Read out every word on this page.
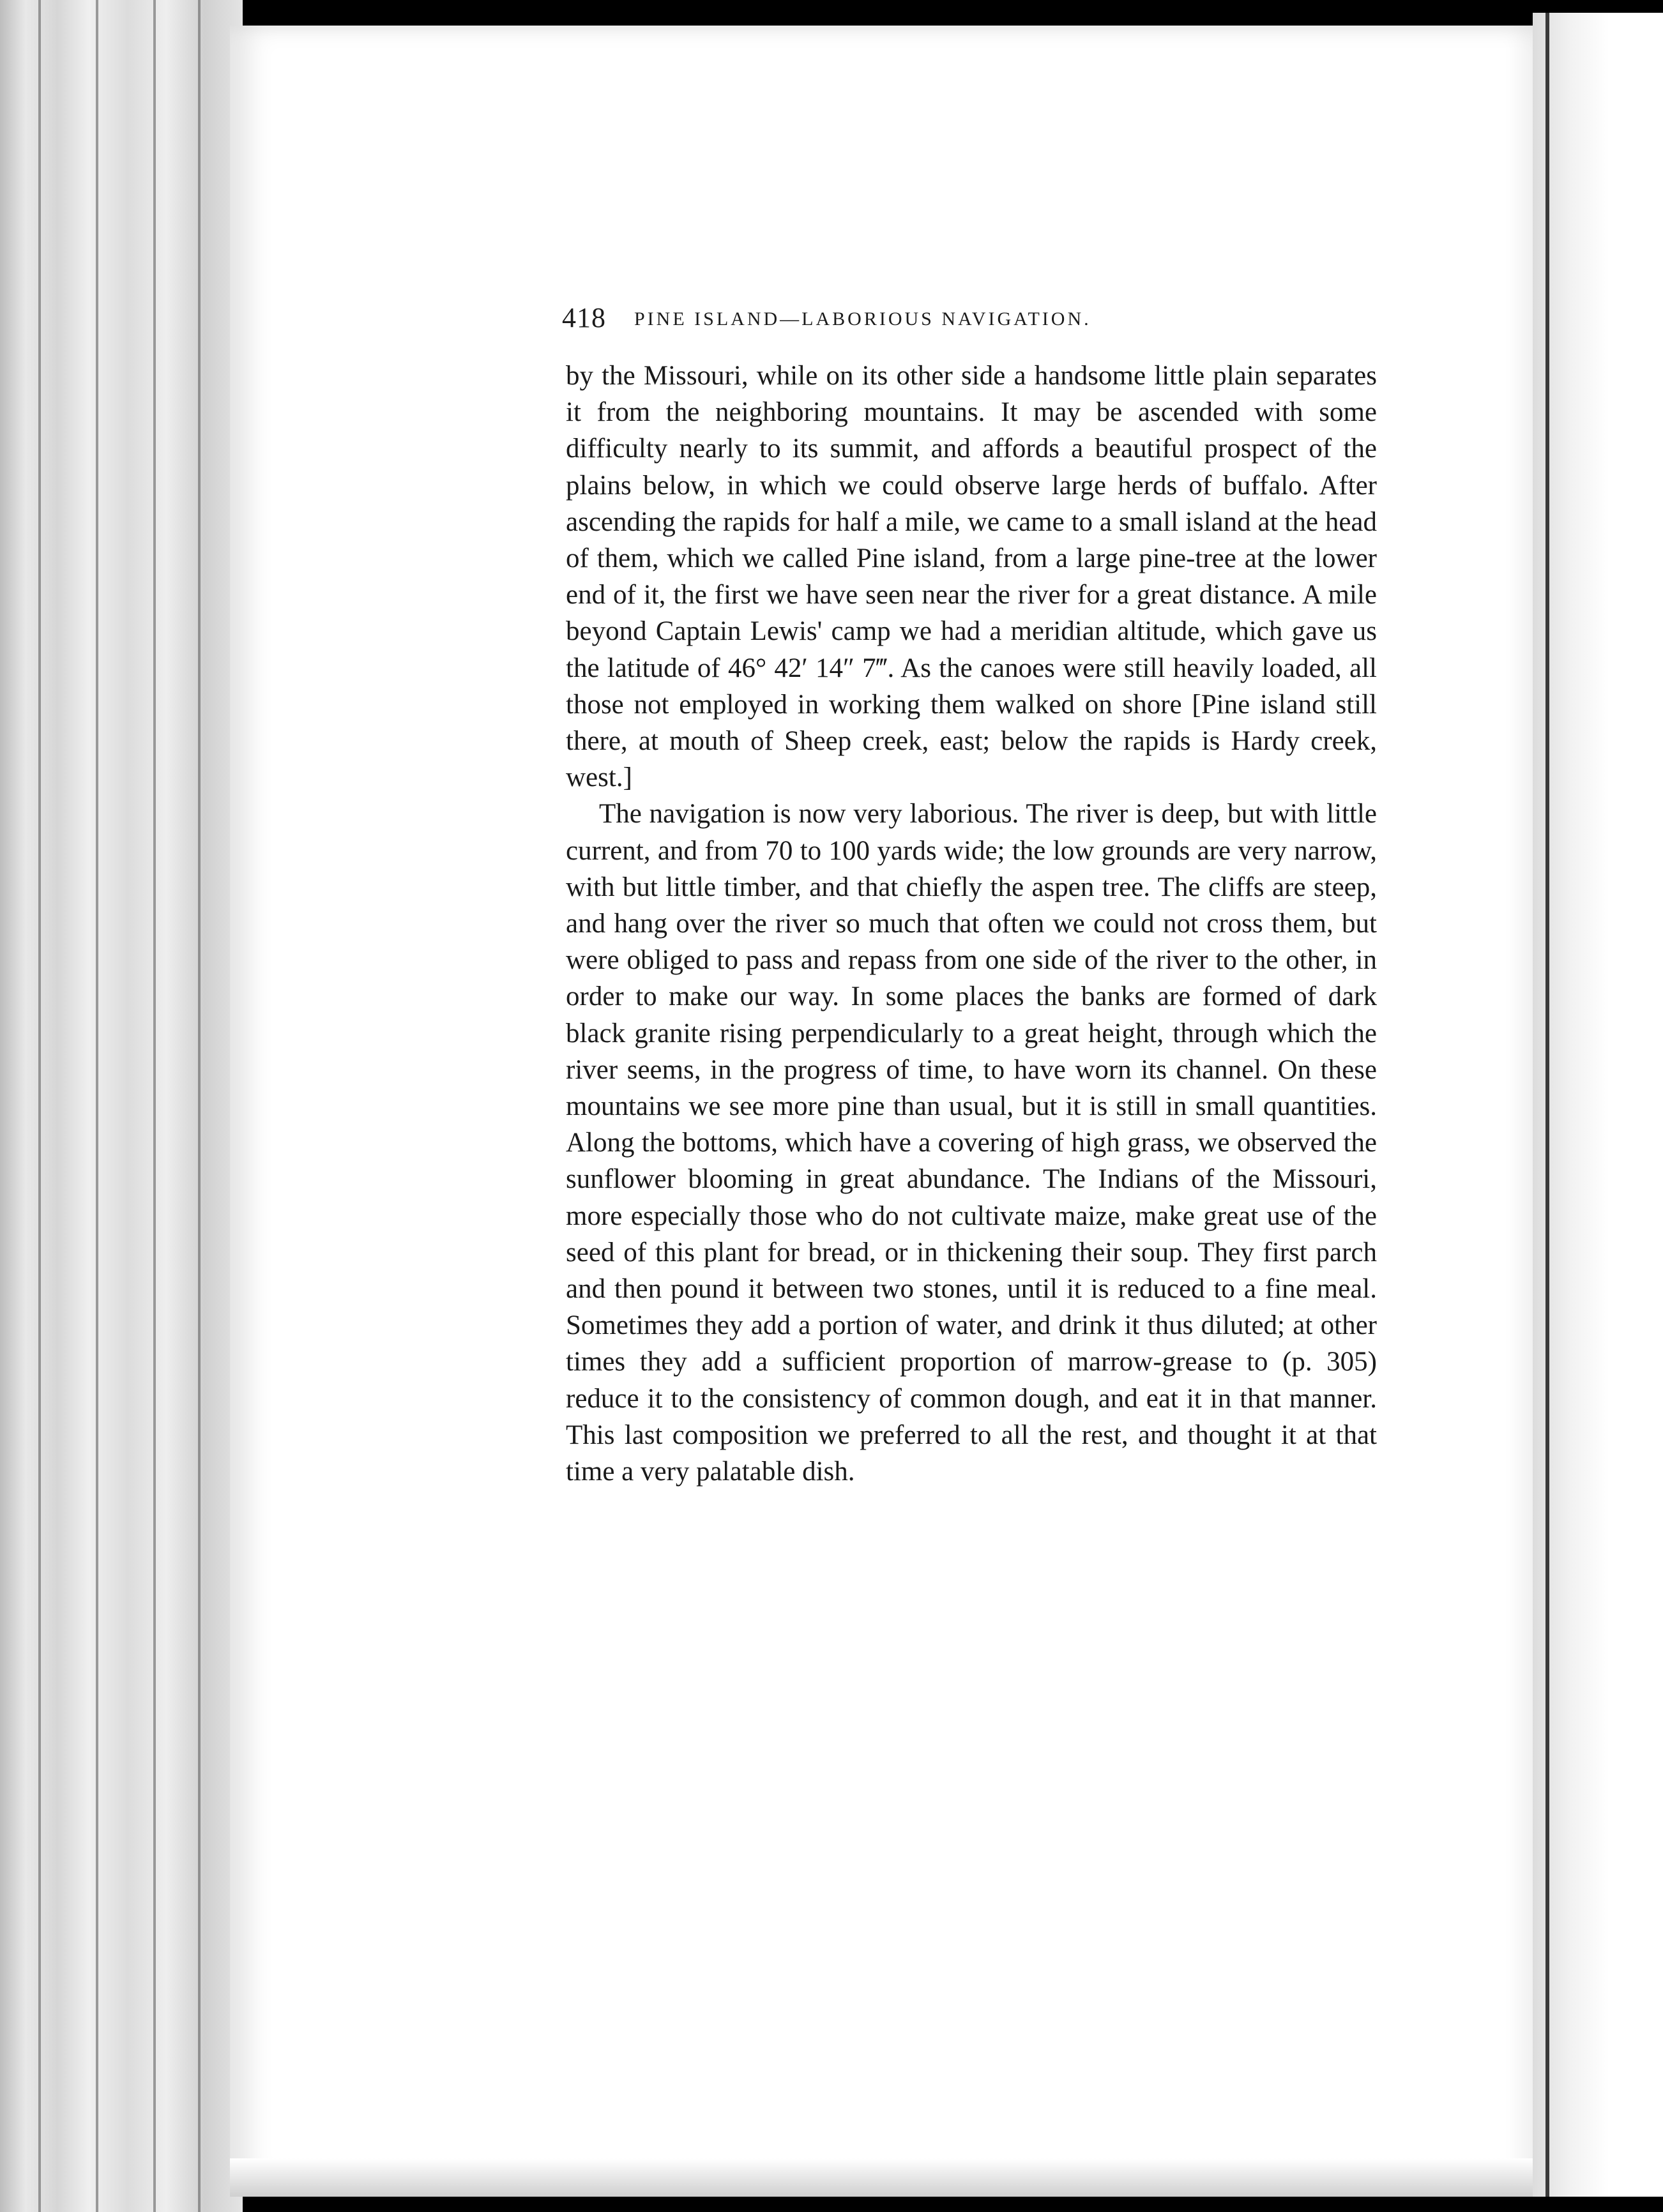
418 PINE ISLAND—LABORIOUS NAVIGATION.

by the Missouri, while on its other side a handsome little plain separates it from the neighboring mountains. It may be ascended with some difficulty nearly to its summit, and affords a beautiful prospect of the plains below, in which we could observe large herds of buffalo. After ascending the rapids for half a mile, we came to a small island at the head of them, which we called Pine island, from a large pine-tree at the lower end of it, the first we have seen near the river for a great distance. A mile beyond Captain Lewis' camp we had a meridian altitude, which gave us the latitude of 46° 42′ 14″ 7‴. As the canoes were still heavily loaded, all those not employed in working them walked on shore [Pine island still there, at mouth of Sheep creek, east; below the rapids is Hardy creek, west.]

The navigation is now very laborious. The river is deep, but with little current, and from 70 to 100 yards wide; the low grounds are very narrow, with but little timber, and that chiefly the aspen tree. The cliffs are steep, and hang over the river so much that often we could not cross them, but were obliged to pass and repass from one side of the river to the other, in order to make our way. In some places the banks are formed of dark black granite rising perpendicularly to a great height, through which the river seems, in the progress of time, to have worn its channel. On these mountains we see more pine than usual, but it is still in small quantities. Along the bottoms, which have a covering of high grass, we observed the sunflower blooming in great abundance. The Indians of the Missouri, more especially those who do not cultivate maize, make great use of the seed of this plant for bread, or in thickening their soup. They first parch and then pound it between two stones, until it is reduced to a fine meal. Sometimes they add a portion of water, and drink it thus diluted; at other times they add a sufficient proportion of marrow-grease to (p. 305) reduce it to the consistency of common dough, and eat it in that manner. This last composition we preferred to all the rest, and thought it at that time a very palatable dish.
